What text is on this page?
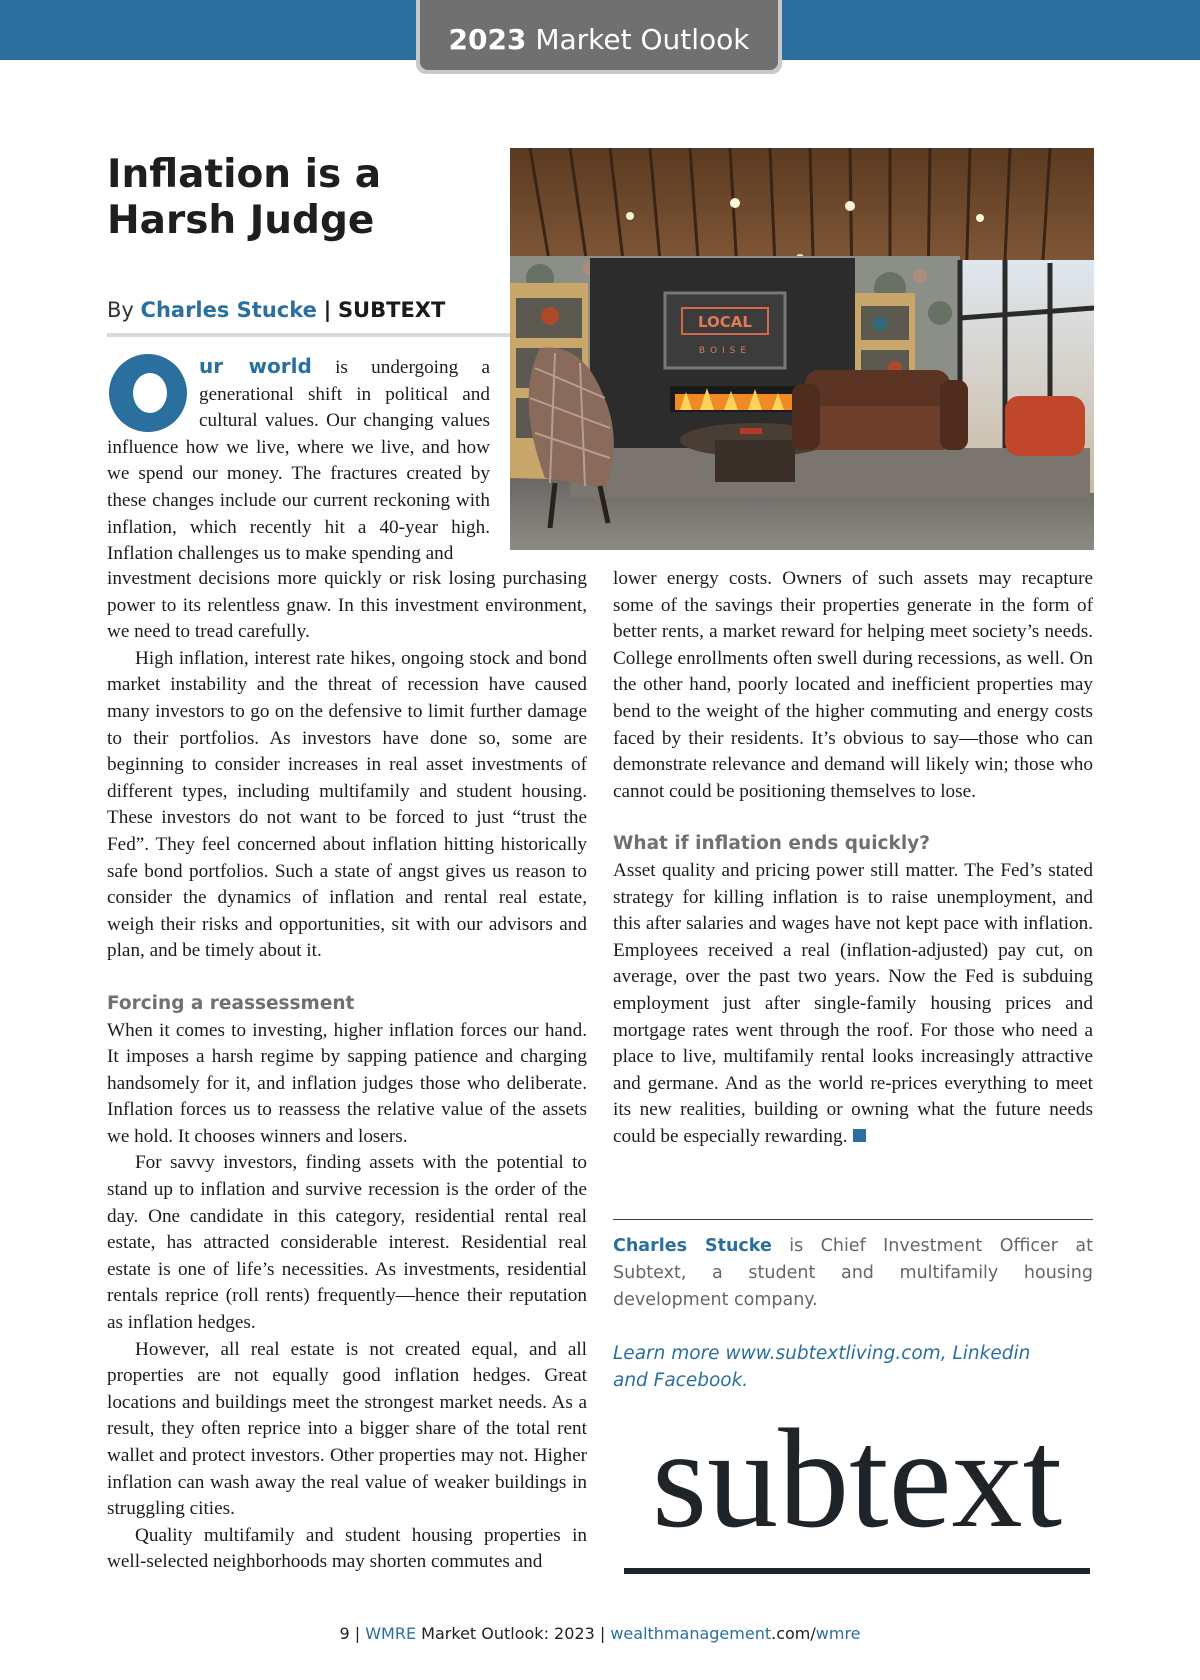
2023 Market Outlook
Inflation is a
Harsh Judge
By Charles Stucke | SUBTEXT	LOCAL
BOISE
O

ur world is undergoing a generational shift in political and cultural values. Our changing values influence how we live, where we live, and how we spend our money. The fractures created by these changes include our current reckoning with inflation, which recently hit a 40-year high. Inflation challenges us to make spending and

investment decisions more quickly or risk losing purchasing power to its relentless gnaw. In this investment environment, we need to tread carefully.

High inflation, interest rate hikes, ongoing stock and bond market instability and the threat of recession have caused many investors to go on the defensive to limit further damage to their portfolios. As investors have done so, some are beginning to consider increases in real asset investments of different types, including multifamily and student housing. These investors do not want to be forced to just “trust the Fed”. They feel concerned about inflation hitting historically safe bond portfolios. Such a state of angst gives us reason to consider the dynamics of inflation and rental real estate, weigh their risks and opportunities, sit with our advisors and plan, and be timely about it.

Forcing a reassessment

When it comes to investing, higher inflation forces our hand. It imposes a harsh regime by sapping patience and charging handsomely for it, and inflation judges those who deliberate. Inflation forces us to reassess the relative value of the assets we hold. It chooses winners and losers.

For savvy investors, finding assets with the potential to stand up to inflation and survive recession is the order of the day. One candidate in this category, residential rental real estate, has attracted considerable interest. Residential real estate is one of life’s necessities. As investments, residential rentals reprice (roll rents) frequently—hence their reputation as inflation hedges.

However, all real estate is not created equal, and all properties are not equally good inflation hedges. Great locations and buildings meet the strongest market needs. As a result, they often reprice into a bigger share of the total rent wallet and protect investors. Other properties may not. Higher inflation can wash away the real value of weaker buildings in struggling cities.

Quality multifamily and student housing properties in well-selected neighborhoods may shorten commutes and

lower energy costs. Owners of such assets may recapture some of the savings their properties generate in the form of better rents, a market reward for helping meet society’s needs. College enrollments often swell during recessions, as well. On the other hand, poorly located and inefficient properties may bend to the weight of the higher commuting and energy costs faced by their residents. It’s obvious to say—those who can demonstrate relevance and demand will likely win; those who cannot could be positioning themselves to lose.

What if inflation ends quickly?

Asset quality and pricing power still matter. The Fed’s stated strategy for killing inflation is to raise unemployment, and this after salaries and wages have not kept pace with inflation. Employees received a real (inflation-adjusted) pay cut, on average, over the past two years. Now the Fed is subduing employment just after single-family housing prices and mortgage rates went through the roof. For those who need a place to live, multifamily rental looks increasingly attractive and germane. And as the world re-prices everything to meet its new realities, building or owning what the future needs could be especially rewarding.

Charles Stucke is Chief Investment Officer at Subtext, a student and multifamily housing development company.
Learn more www.subtextliving.com, Linkedin and Facebook.
subtext
9 | WMRE Market Outlook: 2023 | wealthmanagement.com/wmre
